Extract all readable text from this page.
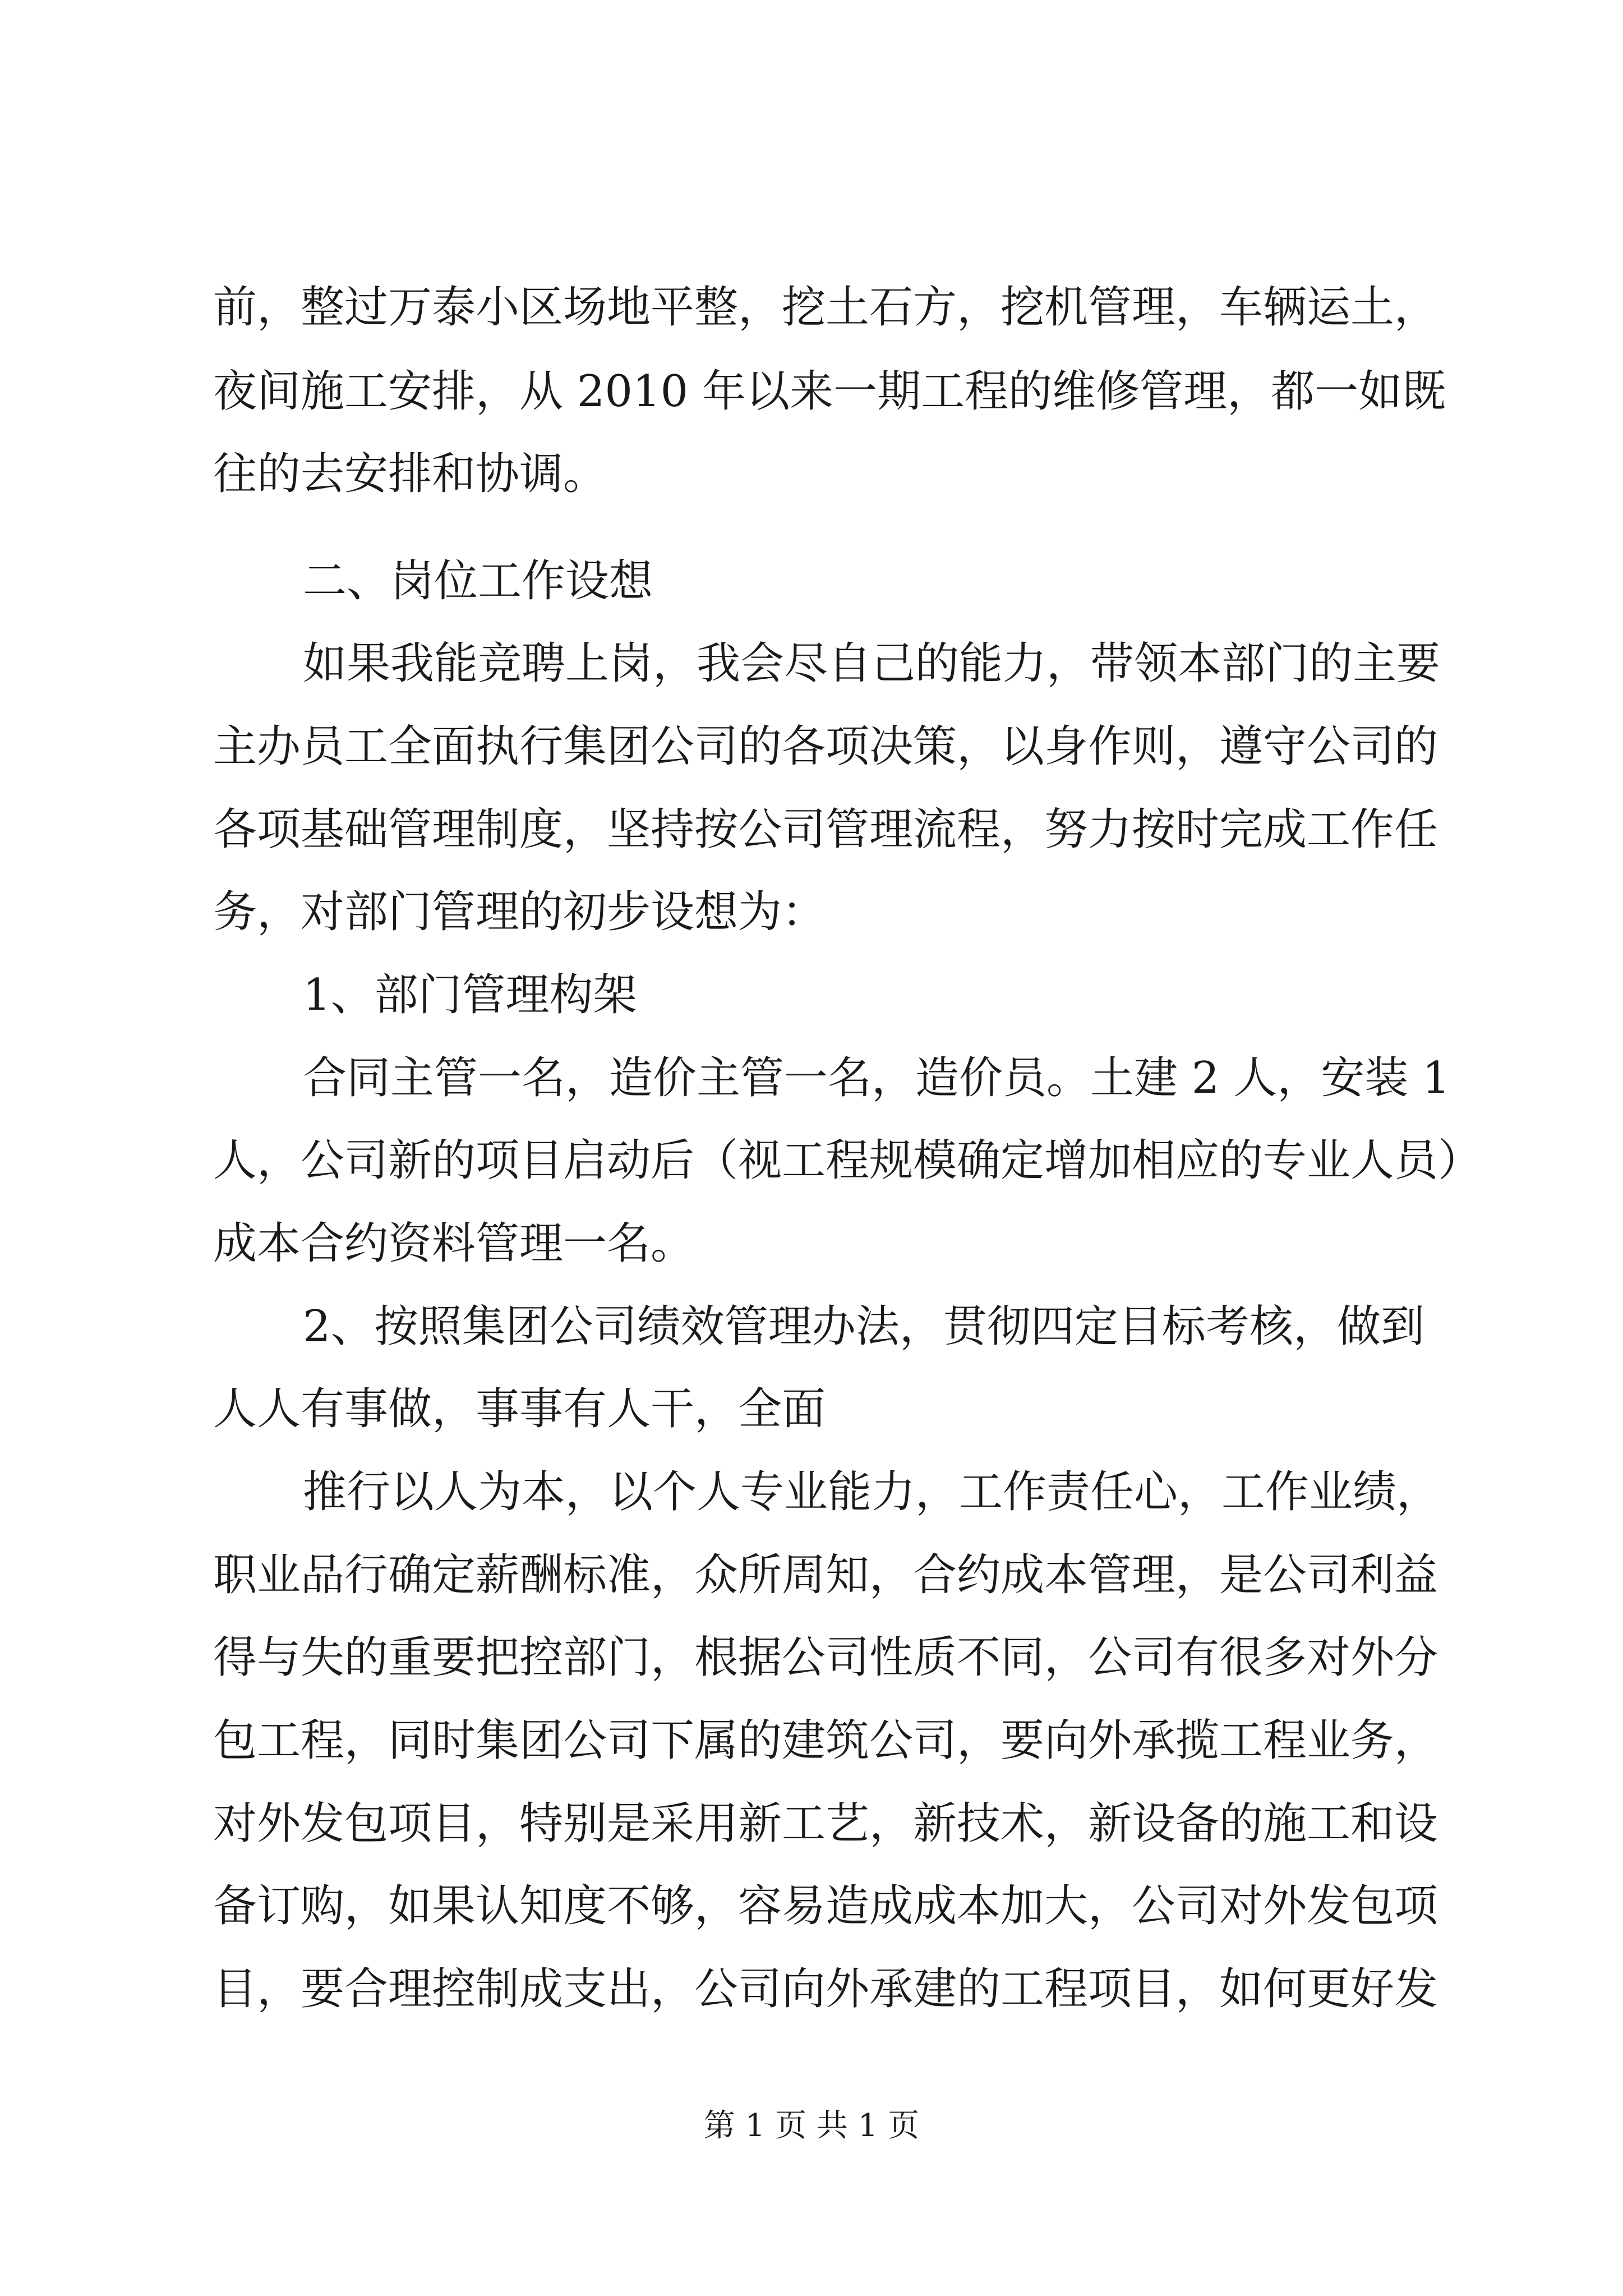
前，整过万泰小区场地平整，挖土石方，挖机管理，车辆运土，
夜间施工安排，从 2010 年以来一期工程的维修管理，都一如既
往的去安排和协调。
二、岗位工作设想
如果我能竞聘上岗，我会尽自己的能力，带领本部门的主要
主办员工全面执行集团公司的各项决策，以身作则，遵守公司的
各项基础管理制度，坚持按公司管理流程，努力按时完成工作任
务，对部门管理的初步设想为：
1、部门管理构架
合同主管一名，造价主管一名，造价员。土建 2 人，安装 1
人，公司新的项目启动后（视工程规模确定增加相应的专业人员）
成本合约资料管理一名。
2、按照集团公司绩效管理办法，贯彻四定目标考核，做到
人人有事做，事事有人干，全面
推行以人为本，以个人专业能力，工作责任心，工作业绩，
职业品行确定薪酬标准，众所周知，合约成本管理，是公司利益
得与失的重要把控部门，根据公司性质不同，公司有很多对外分
包工程，同时集团公司下属的建筑公司，要向外承揽工程业务，
对外发包项目，特别是采用新工艺，新技术，新设备的施工和设
备订购，如果认知度不够，容易造成成本加大，公司对外发包项
目，要合理控制成支出，公司向外承建的工程项目，如何更好发
第 1 页 共 1 页
